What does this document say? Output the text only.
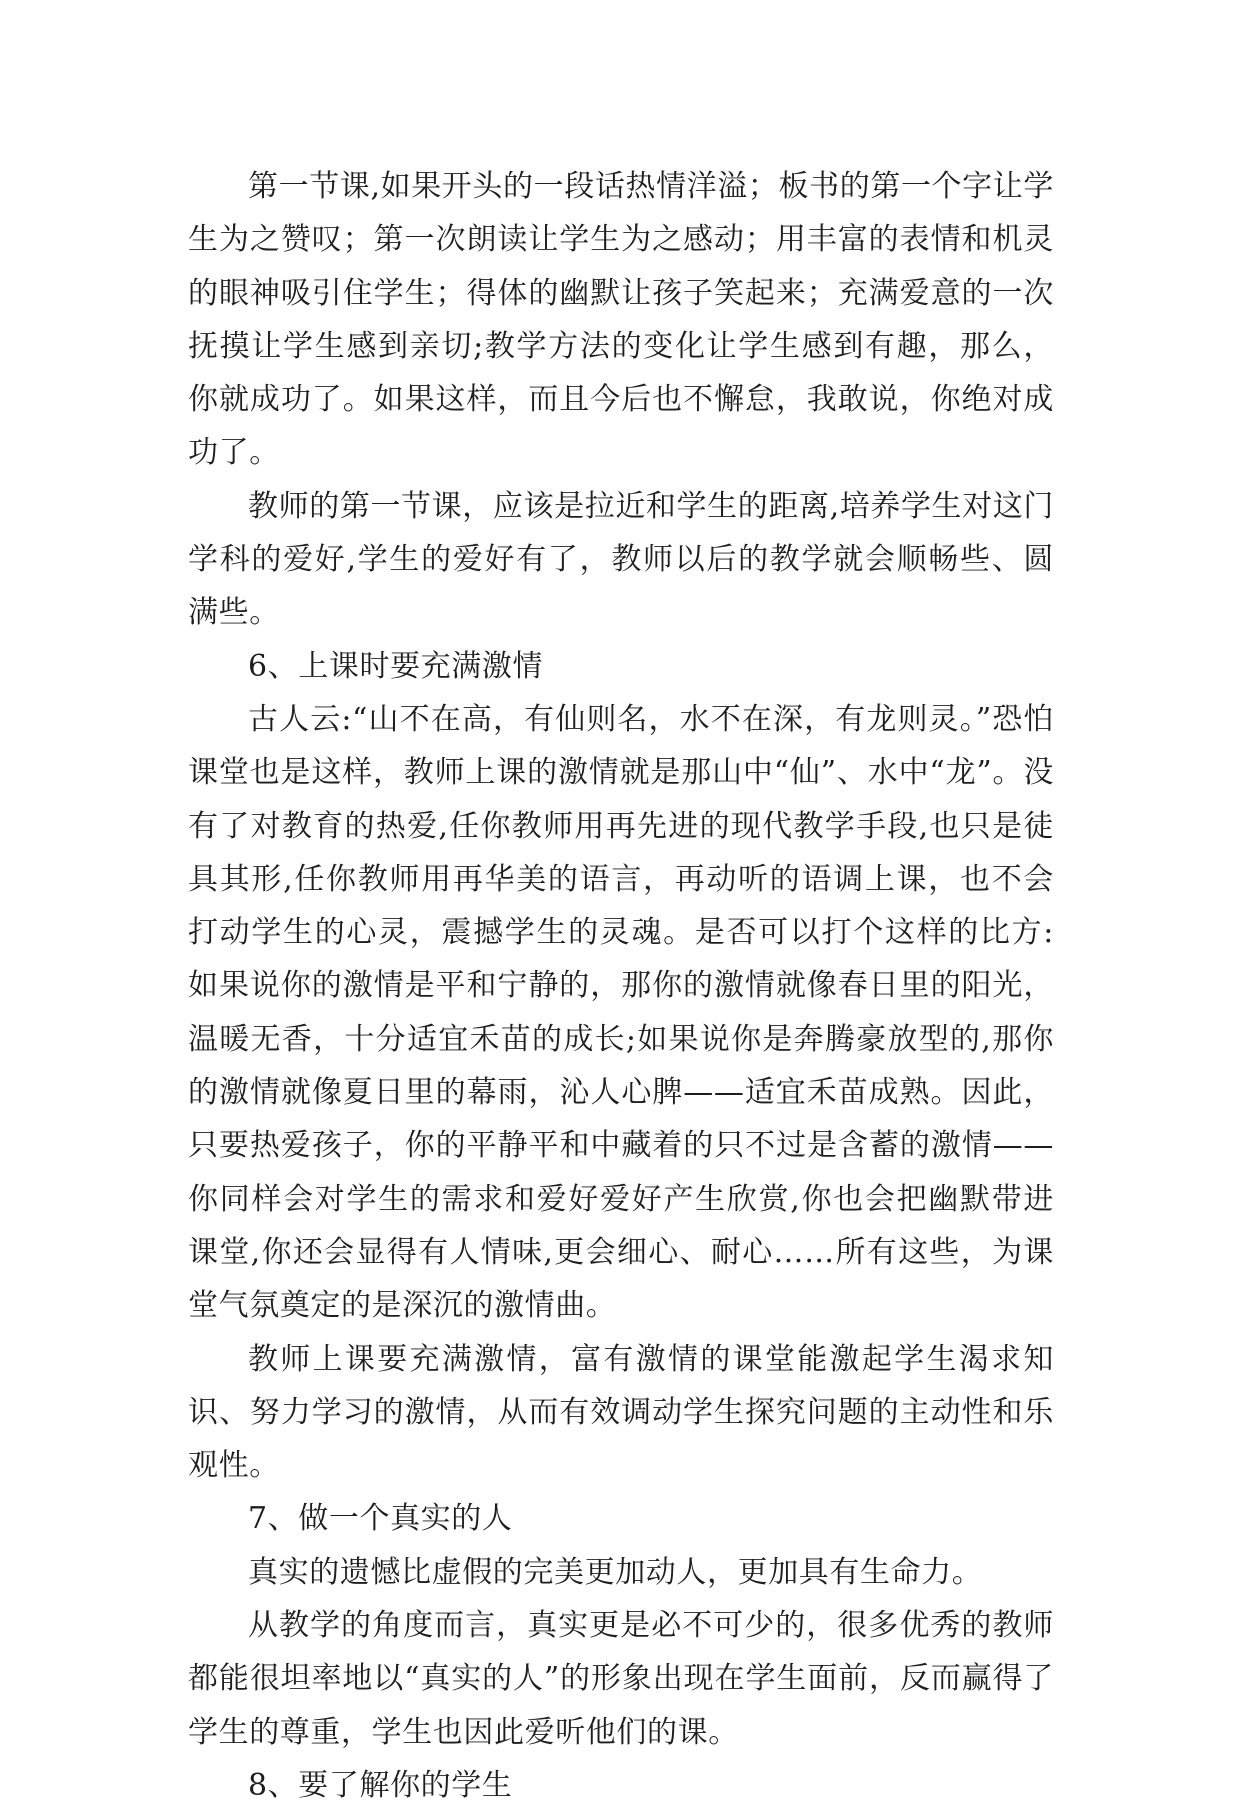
第一节课,如果开头的一段话热情洋溢；板书的第一个字让学生为之赞叹；第一次朗读让学生为之感动；用丰富的表情和机灵的眼神吸引住学生；得体的幽默让孩子笑起来；充满爱意的一次抚摸让学生感到亲切;教学方法的变化让学生感到有趣，那么，你就成功了。如果这样，而且今后也不懈怠，我敢说，你绝对成功了。

教师的第一节课，应该是拉近和学生的距离,培养学生对这门学科的爱好,学生的爱好有了，教师以后的教学就会顺畅些、圆满些。

6、上课时要充满激情

古人云:“山不在高，有仙则名，水不在深，有龙则灵。”恐怕课堂也是这样，教师上课的激情就是那山中“仙”、水中“龙”。没有了对教育的热爱,任你教师用再先进的现代教学手段,也只是徒具其形,任你教师用再华美的语言，再动听的语调上课，也不会打动学生的心灵，震撼学生的灵魂。是否可以打个这样的比方:如果说你的激情是平和宁静的，那你的激情就像春日里的阳光，温暖无香，十分适宜禾苗的成长;如果说你是奔腾豪放型的,那你的激情就像夏日里的幕雨，沁人心脾——适宜禾苗成熟。因此，只要热爱孩子，你的平静平和中藏着的只不过是含蓄的激情——你同样会对学生的需求和爱好爱好产生欣赏,你也会把幽默带进课堂,你还会显得有人情味,更会细心、耐心……所有这些，为课堂气氛奠定的是深沉的激情曲。

教师上课要充满激情，富有激情的课堂能激起学生渴求知识、努力学习的激情，从而有效调动学生探究问题的主动性和乐观性。

7、做一个真实的人

真实的遗憾比虚假的完美更加动人，更加具有生命力。

从教学的角度而言，真实更是必不可少的，很多优秀的教师都能很坦率地以“真实的人”的形象出现在学生面前，反而赢得了学生的尊重，学生也因此爱听他们的课。

8、要了解你的学生
